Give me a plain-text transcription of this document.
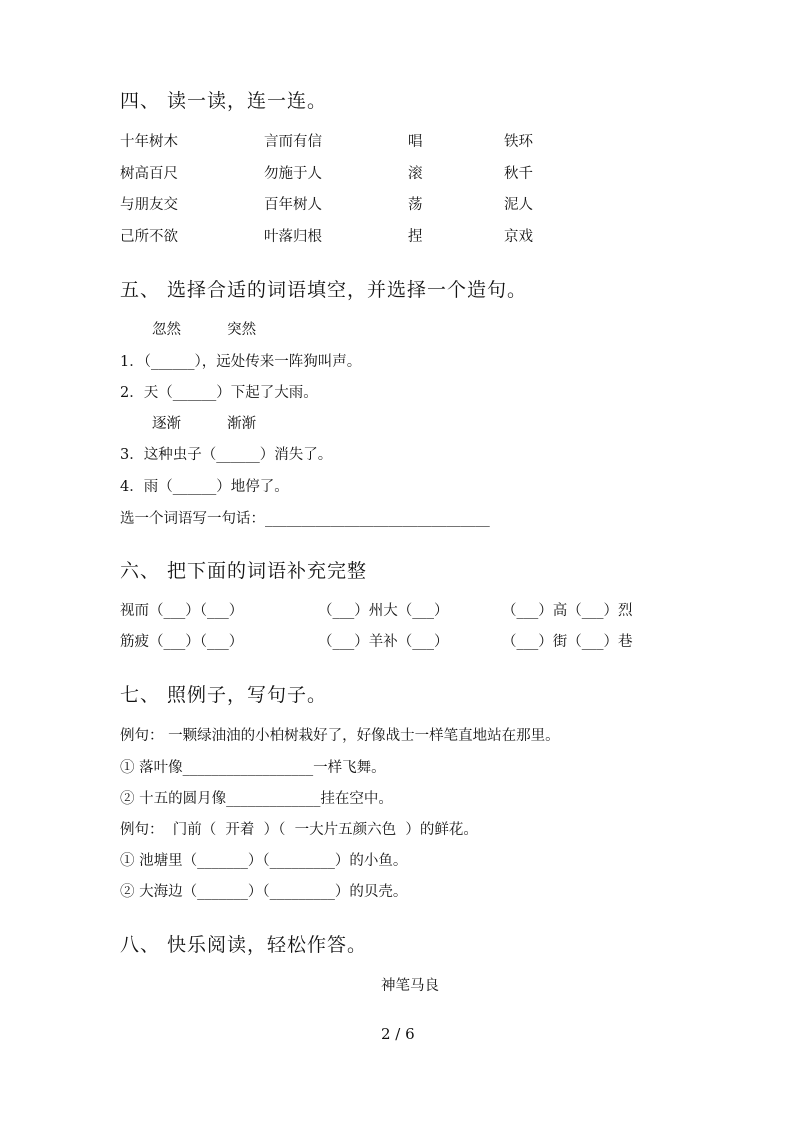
四、 读一读，连一连。
十年树木	言而有信	唱	铁环
树高百尺	勿施于人	滚	秋千
与朋友交	百年树人	荡	泥人
己所不欲	叶落归根	捏	京戏
五、 选择合适的词语填空，并选择一个造句。
忽然          突然
1．（______），远处传来一阵狗叫声。
2．天（______）下起了大雨。
逐渐          渐渐
3．这种虫子（______）消失了。
4．雨（______）地停了。
选一个词语写一句话：_______________________________
六、 把下面的词语补充完整
视而（___）（___）	（___）州大（___）	（___）高（___）烈
筋疲（___）（___）	（___）羊补（___）	（___）街（___）巷
七、 照例子，写句子。
例句： 一颗绿油油的小柏树栽好了，好像战士一样笔直地站在那里。
① 落叶像__________________一样飞舞。
② 十五的圆月像_____________挂在空中。
例句：  门前（  开着  ）（  一大片五颜六色  ）的鲜花。
① 池塘里（_______）（_________）的小鱼。
② 大海边（_______）（_________）的贝壳。
八、 快乐阅读，轻松作答。
神笔马良
2 / 6
